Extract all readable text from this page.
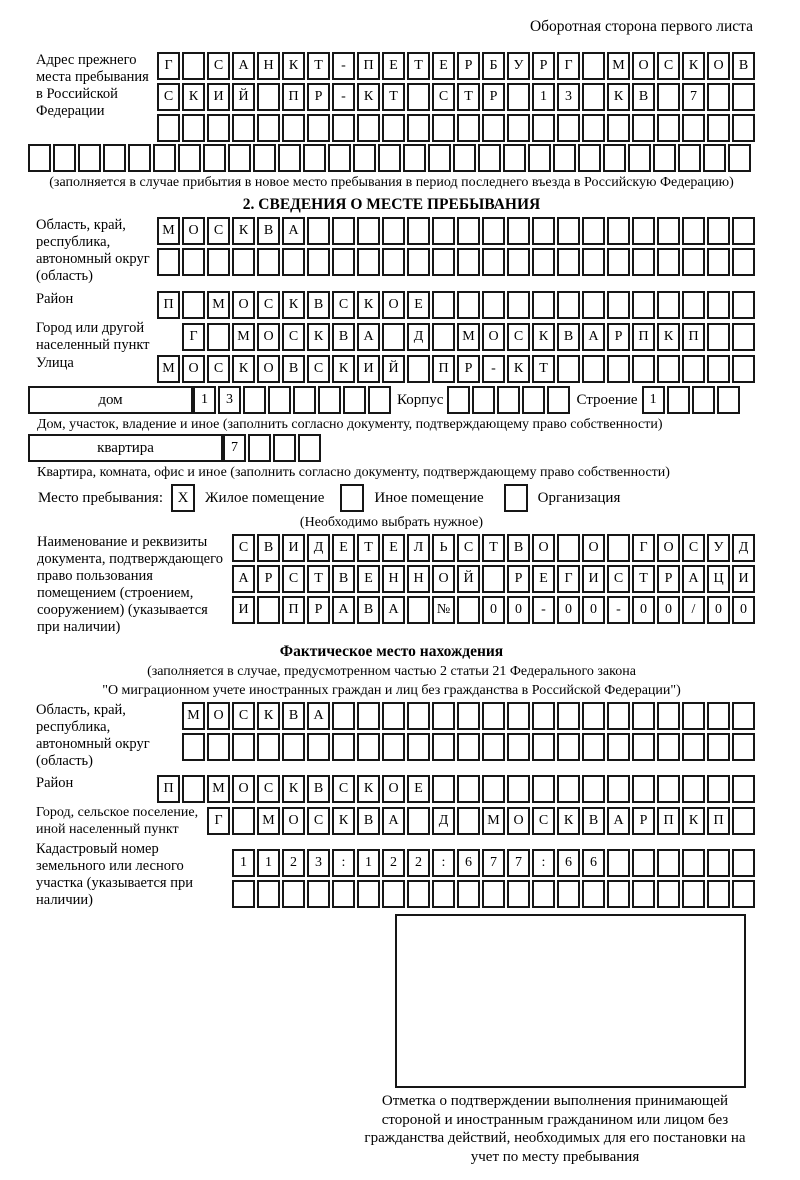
Оборотная сторона первого листа
Адрес прежнего места пребывания в Российской Федерации
Г	С	А	Н	К	Т	-	П	Е	Т	Е	Р	Б	У	Р	Г	М О	С	К	О	В
С	К	И	Й	П	Р	-	К	Т	С	Т	Р	1	3	К	В	7
(заполняется в случае прибытия в новое место пребывания в период последнего въезда в Российскую Федерацию)
2. СВЕДЕНИЯ О МЕСТЕ ПРЕБЫВАНИЯ
Область, край, республика, автономный округ (область)
М О	С	К	В	А
Район	П	М О	С	К	В	С	К	О	Е
Город или другой населенный пункт
Г	М О	С	К	В	А	Д	М О	С	К	В	А	Р	П	К	П
Улица	М О	С	К	О	В	С	К	И	Й	П	Р	-	К	Т
дом	1	3	Корпус	Строение 1
Дом, участок, владение и иное (заполнить согласно документу, подтверждающему право собственности)
квартира	7
Квартира, комната, офис и иное (заполнить согласно документу, подтверждающему право собственности)
Место пребывания: X	Жилое помещение	Иное помещение	Организация
(Необходимо выбрать нужное)
Наименование и реквизиты документа, подтверждающего право пользования помещением (строением, сооружением) (указывается при наличии)
С	В	И	Д	Е	Т	Е	Л	Ь	С	Т	В	О	О	Г	О	С	У	Д
А	Р	С	Т	В	Е	Н	Н	О	Й	Р	Е	Г	И	С	Т	Р	А	Ц	И
И	П	Р	А	В	А	№	0	0	-	0	0	-	0	0	/	0	0
Фактическое место нахождения
(заполняется в случае, предусмотренном частью 2 статьи 21 Федерального закона
"О миграционном учете иностранных граждан и лиц без гражданства в Российской Федерации")
Область, край, республика, автономный округ (область)
М О	С	К	В	А
Район	П	М О	С	К	В	С	К	О	Е
Город, сельское поселение, иной населенный пункт
Г	М О	С	К	В	А	Д	М О	С	К	В	А	Р	П	К	П
Кадастровый номер земельного или лесного участка (указывается при наличии)
1	1	2	3	:	1	2	2	:	6	7	7	:	6	6
Отметка о подтверждении выполнения принимающей стороной и иностранным гражданином или лицом без гражданства действий, необходимых для его постановки на учет по месту пребывания
